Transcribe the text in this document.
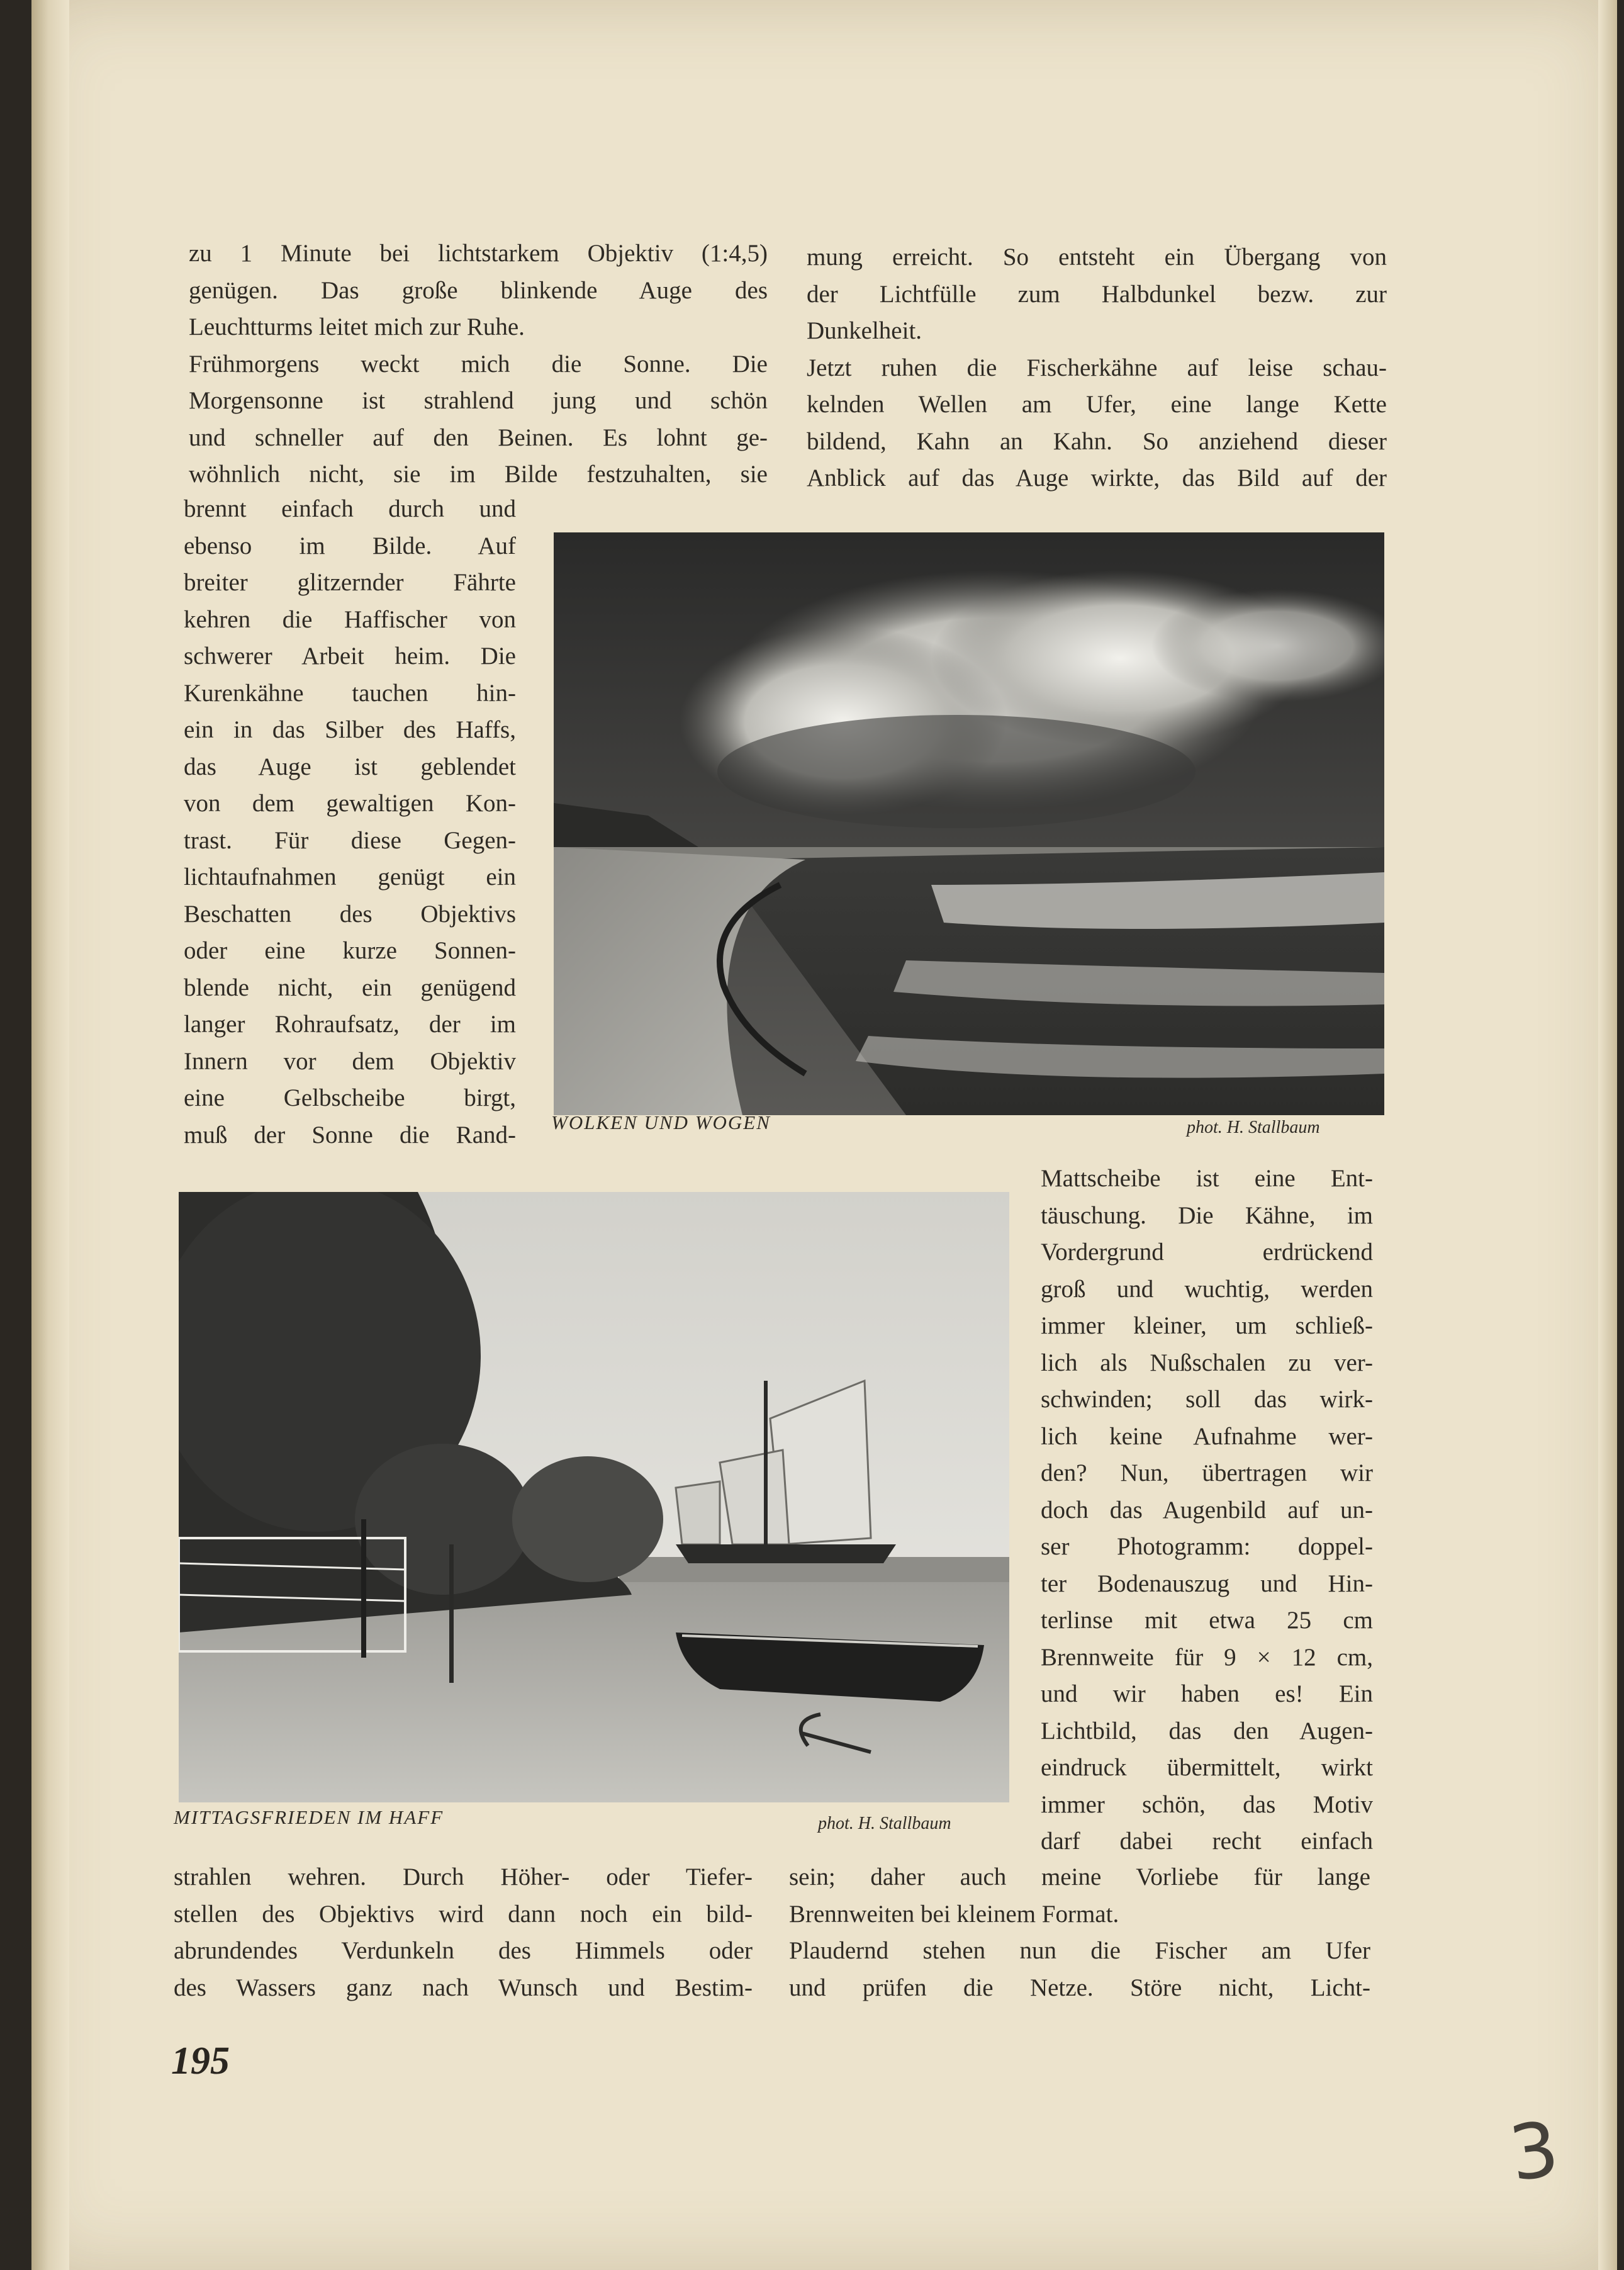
zu 1 Minute bei lichtstarkem Objektiv (1:4,5)
genügen. Das große blinkende Auge des
Leuchtturms leitet mich zur Ruhe.
Frühmorgens weckt mich die Sonne. Die
Morgensonne ist strahlend jung und schön
und schneller auf den Beinen. Es lohnt ge-
wöhnlich nicht, sie im Bilde festzuhalten, sie
brennt einfach durch und
ebenso im Bilde. Auf
breiter glitzernder Fährte
kehren die Haffischer von
schwerer Arbeit heim. Die
Kurenkähne tauchen hin-
ein in das Silber des Haffs,
das Auge ist geblendet
von dem gewaltigen Kon-
trast. Für diese Gegen-
lichtaufnahmen genügt ein
Beschatten des Objektivs
oder eine kurze Sonnen-
blende nicht, ein genügend
langer Rohraufsatz, der im
Innern vor dem Objektiv
eine Gelbscheibe birgt,
muß der Sonne die Rand-
mung erreicht. So entsteht ein Übergang von
der Lichtfülle zum Halbdunkel bezw. zur
Dunkelheit.
Jetzt ruhen die Fischerkähne auf leise schau-
kelnden Wellen am Ufer, eine lange Kette
bildend, Kahn an Kahn. So anziehend dieser
Anblick auf das Auge wirkte, das Bild auf der
Mattscheibe ist eine Ent-
täuschung. Die Kähne, im
Vordergrund erdrückend
groß und wuchtig, werden
immer kleiner, um schließ-
lich als Nußschalen zu ver-
schwinden; soll das wirk-
lich keine Aufnahme wer-
den? Nun, übertragen wir
doch das Augenbild auf un-
ser Photogramm: doppel-
ter Bodenauszug und Hin-
terlinse mit etwa 25 cm
Brennweite für 9 × 12 cm,
und wir haben es! Ein
Lichtbild, das den Augen-
eindruck übermittelt, wirkt
immer schön, das Motiv
darf dabei recht einfach
strahlen wehren. Durch Höher- oder Tiefer-
stellen des Objektivs wird dann noch ein bild-
abrundendes Verdunkeln des Himmels oder
des Wassers ganz nach Wunsch und Bestim-
sein; daher auch meine Vorliebe für lange
Brennweiten bei kleinem Format.
Plaudernd stehen nun die Fischer am Ufer
und prüfen die Netze. Störe nicht, Licht-

WOLKEN UND WOGEN	phot. H. Stallbaum

MITTAGSFRIEDEN IM HAFF	phot. H. Stallbaum

195

3
